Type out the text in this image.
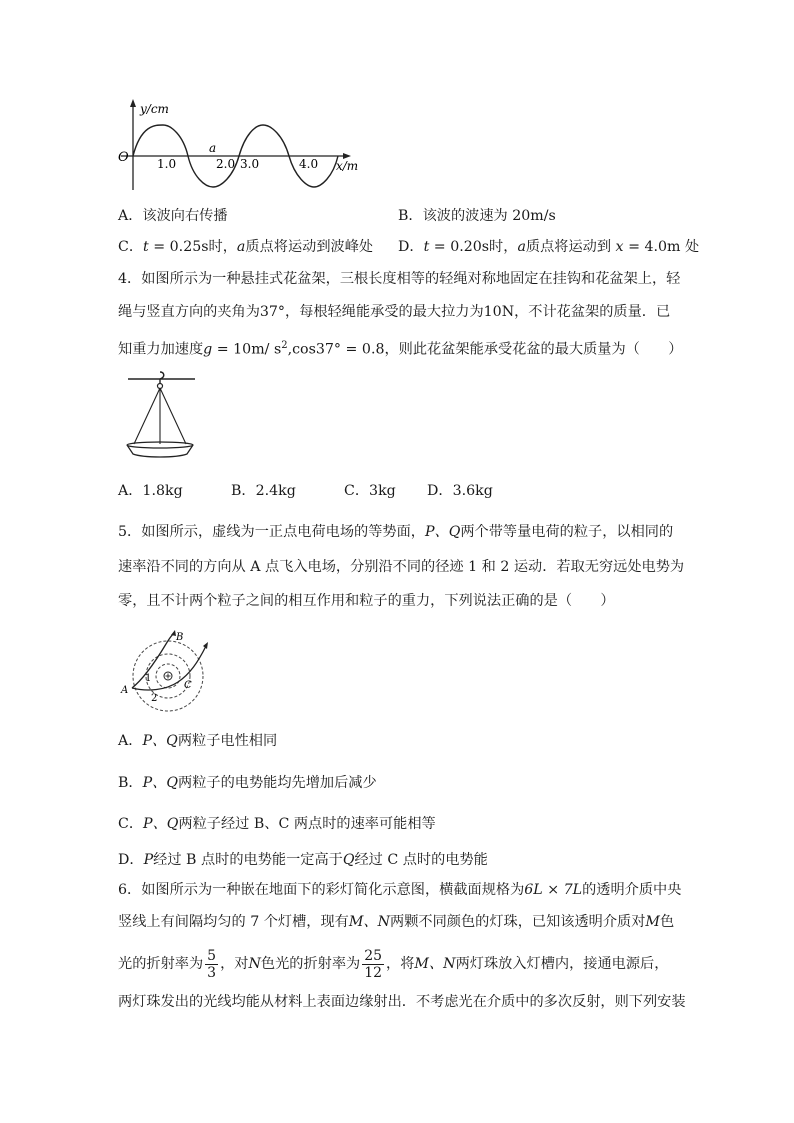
y/cm
O
x/m
a
1.0	2.0 3.0	4.0
A．该波向右传播	B．该波的波速为 20m/s
C．t = 0.25s时，a质点将运动到波峰处 D．t = 0.20s时，a质点将运动到 x = 4.0m 处
4．如图所示为一种悬挂式花盆架，三根长度相等的轻绳对称地固定在挂钩和花盆架上，轻
绳与竖直方向的夹角为37°，每根轻绳能承受的最大拉力为10N，不计花盆架的质量．已
知重力加速度g = 10m/ $s^2,\cos 37^\circ = 0.8$，则此花盆架能承受花盆的最大质量为（　　）
A．1.8kg	B．2.4kg	C．3kg D．3.6kg
5．如图所示，虚线为一正点电荷电场的等势面，P、Q两个带等量电荷的粒子，以相同的
速率沿不同的方向从 A 点飞入电场，分别沿不同的径迹 1 和 2 运动．若取无穷远处电势为
零，且不计两个粒子之间的相互作用和粒子的重力，下列说法正确的是（　　）
B
A	C
1
2
A．P、Q两粒子电性相同
B．P、Q两粒子的电势能均先增加后减少
C．P、Q两粒子经过 B、C 两点时的速率可能相等
D．P经过 B 点时的电势能一定高于Q经过 C 点时的电势能
6．如图所示为一种嵌在地面下的彩灯简化示意图，横截面规格为6L × 7L的透明介质中央
竖线上有间隔均匀的 7 个灯槽，现有M、N两颗不同颜色的灯珠，已知该透明介质对M色
光的折射率为 $\frac{5}{3}$ ，对N色光的折射率为 $\frac{25}{12}$ ，将M、N两灯珠放入灯槽内，接通电源后，
两灯珠发出的光线均能从材料上表面边缘射出．不考虑光在介质中的多次反射，则下列安装
